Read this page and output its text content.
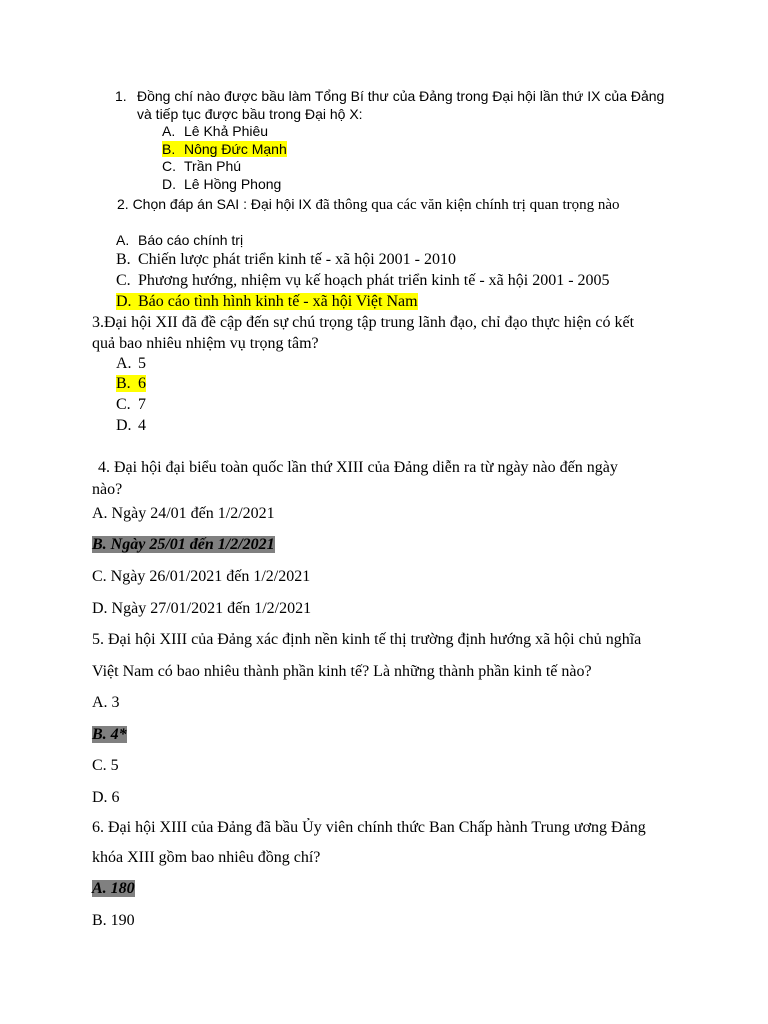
1. Đồng chí nào được bầu làm Tổng Bí thư của Đảng trong Đại hội lần thứ IX của Đảng
và tiếp tục được bầu trong Đại hộ X:
A. Lê Khả Phiêu
B. Nông Đức Mạnh
C. Trần Phú
D. Lê Hồng Phong
2. Chọn đáp án SAI : Đại hội IX đã thông qua các văn kiện chính trị quan trọng nào
A. Báo cáo chính trị
B. Chiến lược phát triển kinh tế - xã hội 2001 - 2010
C. Phương hướng, nhiệm vụ kế hoạch phát triển kinh tế - xã hội 2001 - 2005
D. Báo cáo tình hình kinh tế - xã hội Việt Nam
3.Đại hội XII đã đề cập đến sự chú trọng tập trung lãnh đạo, chỉ đạo thực hiện có kết
quả bao nhiêu nhiệm vụ trọng tâm?
A. 5
B. 6
C. 7
D. 4
4. Đại hội đại biểu toàn quốc lần thứ XIII của Đảng diễn ra từ ngày nào đến ngày
nào?
A. Ngày 24/01 đến 1/2/2021
B. Ngày 25/01 đến 1/2/2021
C. Ngày 26/01/2021 đến 1/2/2021
D. Ngày 27/01/2021 đến 1/2/2021
5. Đại hội XIII của Đảng xác định nền kinh tế thị trường định hướng xã hội chủ nghĩa
Việt Nam có bao nhiêu thành phần kinh tế? Là những thành phần kinh tế nào?
A. 3
B. 4*
C. 5
D. 6
6. Đại hội XIII của Đảng đã bầu Ủy viên chính thức Ban Chấp hành Trung ương Đảng
khóa XIII gồm bao nhiêu đồng chí?
A. 180
B. 190
